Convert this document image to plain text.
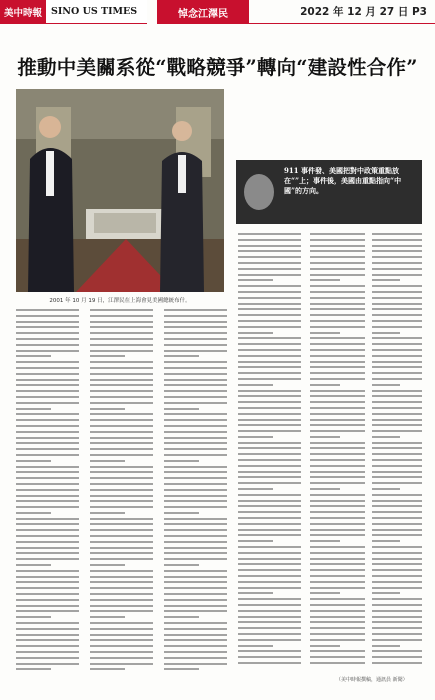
美中時報 SINO US TIMES	悼念江澤民	2022 年 12 月 27 日 P3
推動中美關系從“戰略競爭”轉向“建設性合作”
2001 年 10 月 19 日，江澤民在上海會見美國總統布什。
911 事件發、美國把對中政策重點放在“”上；事件後，美國由重點指向“中國”的方向。
（美中時報撰稿，通訊員 新聞）
